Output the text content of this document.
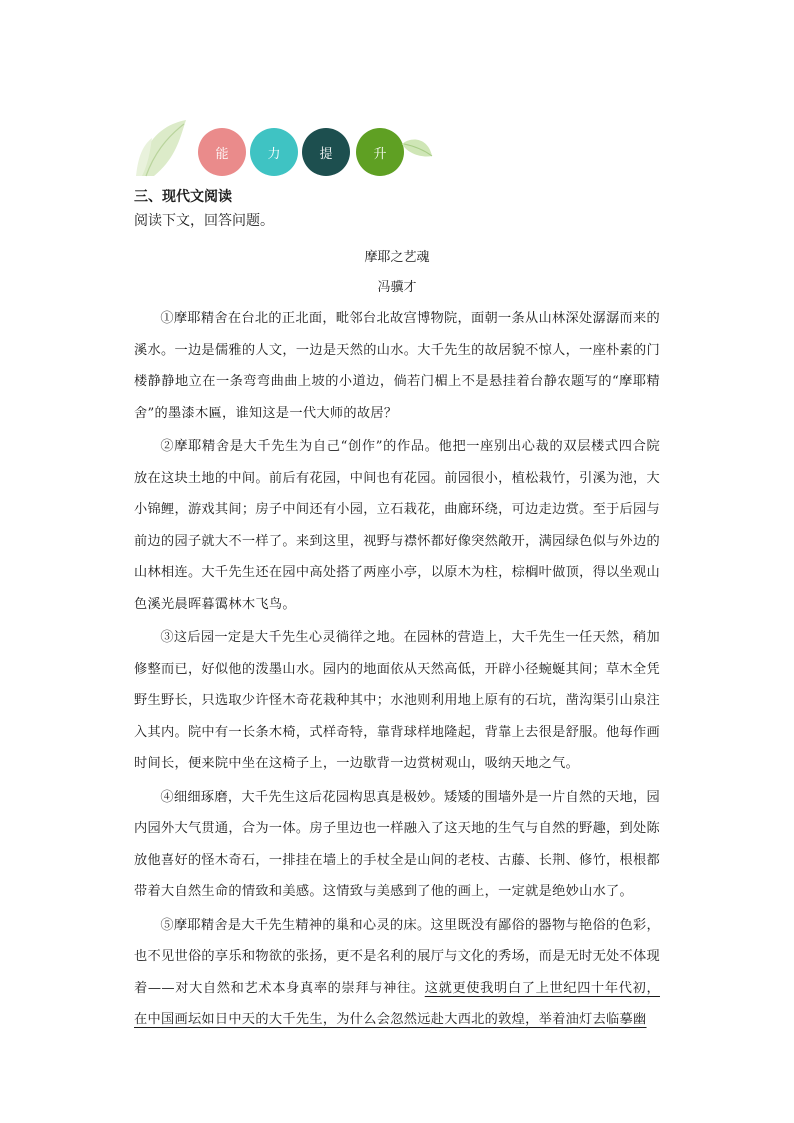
能	力	提	升
三、现代文阅读
阅读下文，回答问题。
摩耶之艺魂
冯骥才

①摩耶精舍在台北的正北面，毗邻台北故宫博物院，面朝一条从山林深处潺潺而来的溪水。一边是儒雅的人文，一边是天然的山水。大千先生的故居貌不惊人，一座朴素的门楼静静地立在一条弯弯曲曲上坡的小道边，倘若门楣上不是悬挂着台静农题写的“摩耶精舍”的墨漆木匾，谁知这是一代大师的故居？

②摩耶精舍是大千先生为自己“创作”的作品。他把一座别出心裁的双层楼式四合院放在这块土地的中间。前后有花园，中间也有花园。前园很小，植松栽竹，引溪为池，大小锦鲤，游戏其间；房子中间还有小园，立石栽花，曲廊环绕，可边走边赏。至于后园与前边的园子就大不一样了。来到这里，视野与襟怀都好像突然敞开，满园绿色似与外边的山林相连。大千先生还在园中高处搭了两座小亭，以原木为柱，棕榈叶做顶，得以坐观山色溪光晨晖暮霭林木飞鸟。

③这后园一定是大千先生心灵徜徉之地。在园林的营造上，大千先生一任天然，稍加修整而已，好似他的泼墨山水。园内的地面依从天然高低，开辟小径蜿蜒其间；草木全凭野生野长，只选取少许怪木奇花栽种其中；水池则利用地上原有的石坑，凿沟渠引山泉注入其内。院中有一长条木椅，式样奇特，靠背球样地隆起，背靠上去很是舒服。他每作画时间长，便来院中坐在这椅子上，一边歇背一边赏树观山，吸纳天地之气。

④细细琢磨，大千先生这后花园构思真是极妙。矮矮的围墙外是一片自然的天地，园内园外大气贯通，合为一体。房子里边也一样融入了这天地的生气与自然的野趣，到处陈放他喜好的怪木奇石，一排挂在墙上的手杖全是山间的老枝、古藤、长荆、修竹，根根都带着大自然生命的情致和美感。这情致与美感到了他的画上，一定就是绝妙山水了。

⑤摩耶精舍是大千先生精神的巢和心灵的床。这里既没有鄙俗的器物与艳俗的色彩，也不见世俗的享乐和物欲的张扬，更不是名利的展厅与文化的秀场，而是无时无处不体现着——对大自然和艺术本身真率的崇拜与神往。这就更使我明白了上世纪四十年代初，在中国画坛如日中天的大千先生，为什么会忽然远赴大西北的敦煌，举着油灯去临摹幽
